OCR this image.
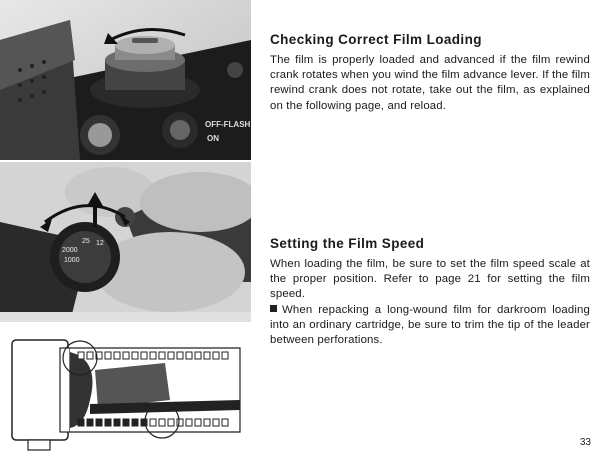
OFF-FLASH
ON
2000
1000
25 12
Checking Correct Film Loading

The film is properly loaded and advanced if the film rewind crank rotates when you wind the film advance lever. If the film rewind crank does not rotate, take out the film, as explained on the following page, and reload.

Setting the Film Speed

When loading the film, be sure to set the film speed scale at the proper position. Refer to page 21 for setting the film speed.

When repacking a long-wound film for darkroom loading into an ordinary cartridge, be sure to trim the tip of the leader between perforations.

33
